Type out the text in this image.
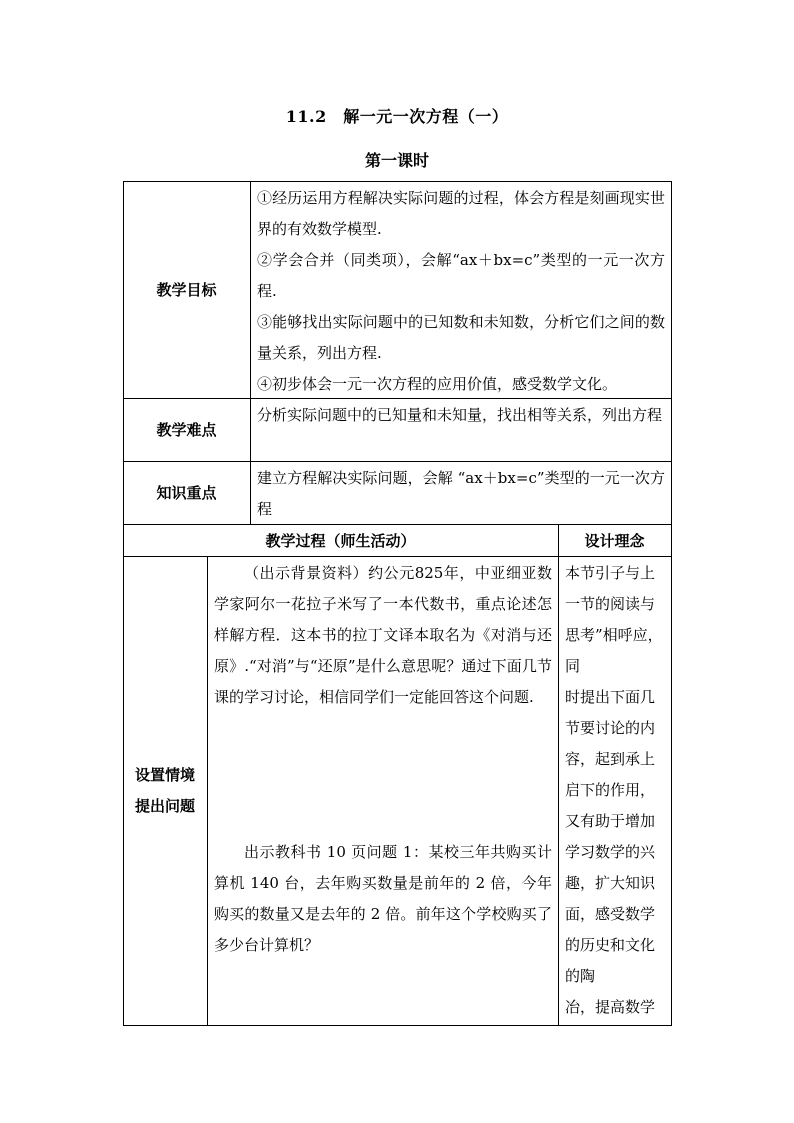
11.2　解一元一次方程（一）
第一课时
教学目标

①经历运用方程解决实际问题的过程，体会方程是刻画现实世界的有效数学模型.

②学会合并（同类项），会解“ax＋bx=c”类型的一元一次方程.

③能够找出实际问题中的已知数和未知数，分析它们之间的数量关系，列出方程.

④初步体会一元一次方程的应用价值，感受数学文化。

教学难点

分析实际问题中的已知量和未知量，找出相等关系，列出方程

知识重点

建立方程解决实际问题，会解 “ax＋bx=c”类型的一元一次方程

教学过程（师生活动）	设计理念
设置情境
提出问题

（出示背景资料）约公元825年，中亚细亚数学家阿尔一花拉子米写了一本代数书，重点论述怎样解方程．这本书的拉丁文译本取名为《对消与还原》.“对消”与“还原”是什么意思呢？通过下面几节课的学习讨论，相信同学们一定能回答这个问题.

出示教科书 10 页问题 1：某校三年共购买计算机 140 台，去年购买数量是前年的 2 倍，今年购买的数量又是去年的 2 倍。前年这个学校购买了多少台计算机？

本节引子与上
一节的阅读与
思考”相呼应，
同
时提出下面几
节要讨论的内
容，起到承上
启下的作用，
又有助于增加
学习数学的兴
趣，扩大知识
面，感受数学
的历史和文化
的陶
冶，提高数学
